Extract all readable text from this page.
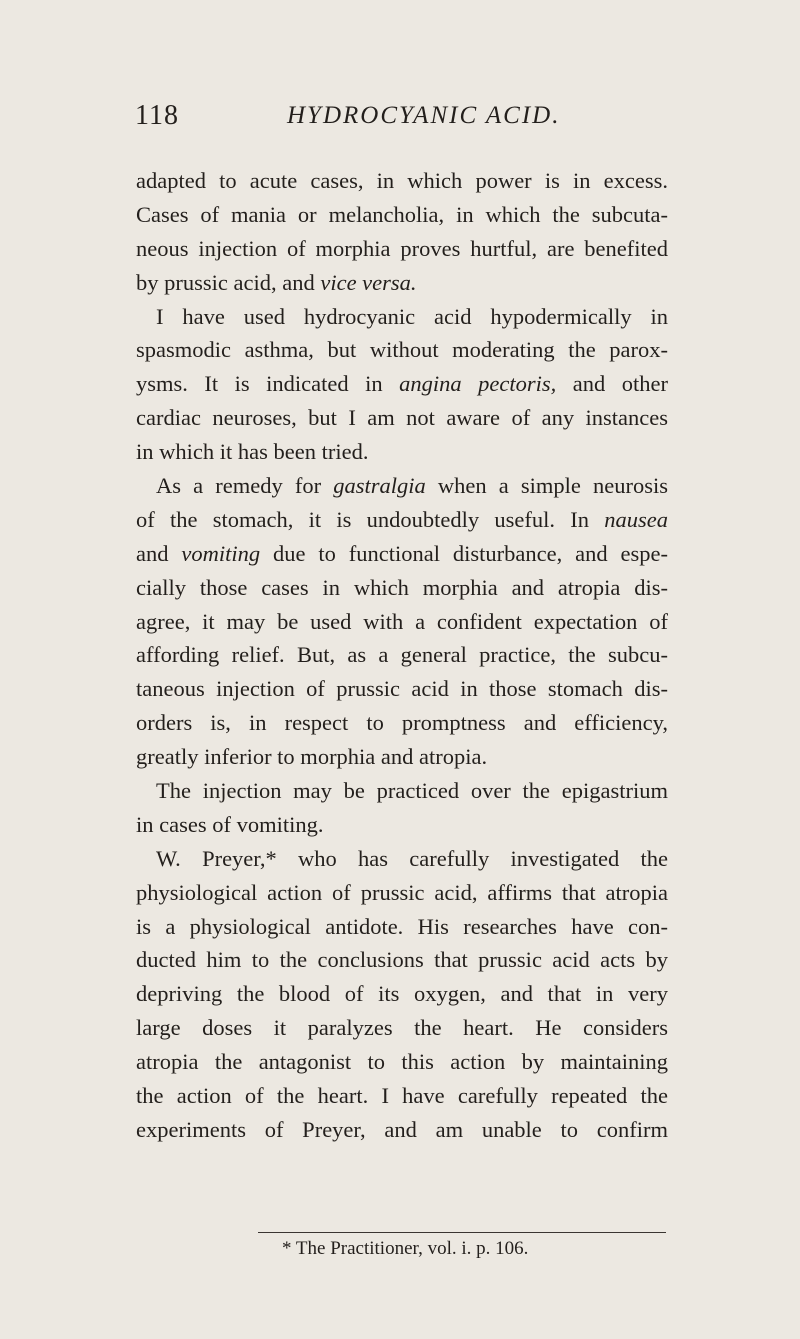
118	HYDROCYANIC ACID.
adapted to acute cases, in which power is in excess.
Cases of mania or melancholia, in which the subcuta-
neous injection of morphia proves hurtful, are benefited
by prussic acid, and vice versa.
I have used hydrocyanic acid hypodermically in
spasmodic asthma, but without moderating the parox-
ysms. It is indicated in angina pectoris, and other
cardiac neuroses, but I am not aware of any instances
in which it has been tried.
As a remedy for gastralgia when a simple neurosis
of the stomach, it is undoubtedly useful. In nausea
and vomiting due to functional disturbance, and espe-
cially those cases in which morphia and atropia dis-
agree, it may be used with a confident expectation of
affording relief. But, as a general practice, the subcu-
taneous injection of prussic acid in those stomach dis-
orders is, in respect to promptness and efficiency,
greatly inferior to morphia and atropia.
The injection may be practiced over the epigastrium
in cases of vomiting.
W. Preyer,* who has carefully investigated the
physiological action of prussic acid, affirms that atropia
is a physiological antidote. His researches have con-
ducted him to the conclusions that prussic acid acts by
depriving the blood of its oxygen, and that in very
large doses it paralyzes the heart. He considers
atropia the antagonist to this action by maintaining
the action of the heart. I have carefully repeated the
experiments of Preyer, and am unable to confirm
* The Practitioner, vol. i. p. 106.
